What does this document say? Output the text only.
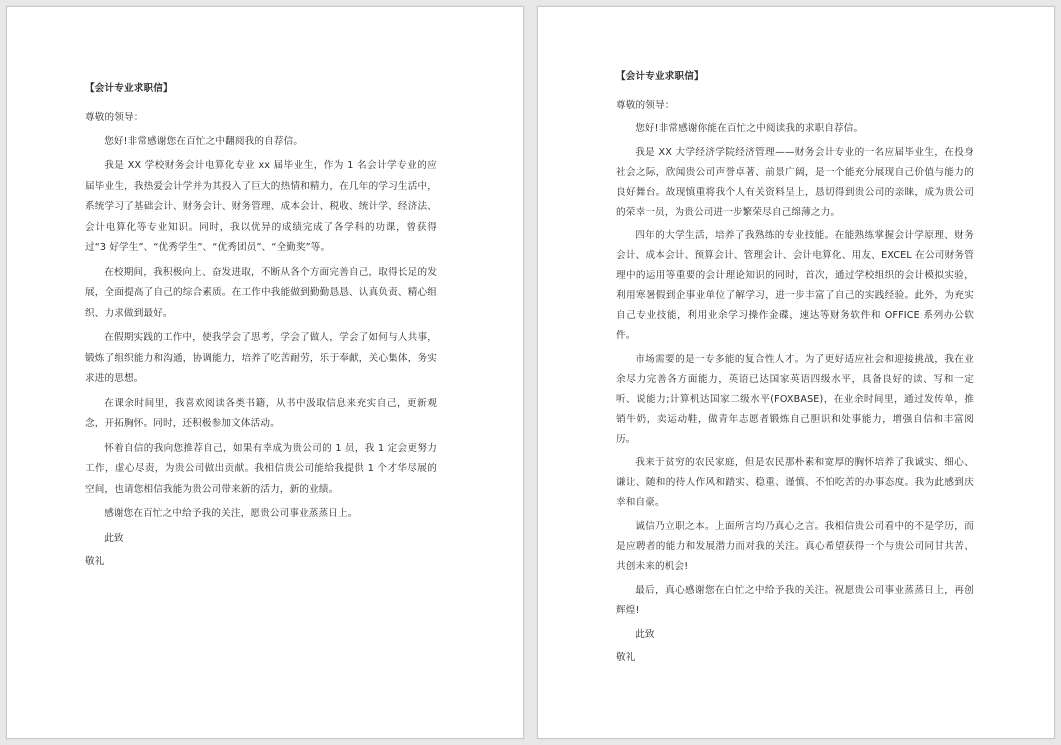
【会计专业求职信】
尊敬的领导：
您好!非常感谢您在百忙之中翻阅我的自荐信。
我是 XX 学校财务会计电算化专业 xx 届毕业生，作为 1 名会计学专业的应届毕业生，我热爱会计学并为其投入了巨大的热情和精力，在几年的学习生活中，系统学习了基础会计、财务会计、财务管理、成本会计、税收、统计学、经济法、会计电算化等专业知识。同时，我以优异的成绩完成了各学科的功课，曾获得过“3 好学生”、“优秀学生”、“优秀团员”、“全勤奖”等。
在校期间，我积极向上、奋发进取，不断从各个方面完善自己，取得长足的发展，全面提高了自己的综合素质。在工作中我能做到勤勤恳恳、认真负责、精心组织、力求做到最好。
在假期实践的工作中，使我学会了思考，学会了做人，学会了如何与人共事，锻炼了组织能力和沟通，协调能力，培养了吃苦耐劳，乐于奉献，关心集体，务实求进的思想。
在课余时间里，我喜欢阅读各类书籍，从书中汲取信息来充实自己，更新观念，开拓胸怀。同时，还积极参加文体活动。
怀着自信的我向您推荐自己，如果有幸成为贵公司的 1 员，我 1 定会更努力工作，虚心尽责，为贵公司做出贡献。我相信贵公司能给我提供 1 个才华尽展的空间，也请您相信我能为贵公司带来新的活力，新的业绩。
感谢您在百忙之中给予我的关注，愿贵公司事业蒸蒸日上。
此致
敬礼
【会计专业求职信】
尊敬的领导：
您好!非常感谢你能在百忙之中阅读我的求职自荐信。
我是 XX 大学经济学院经济管理——财务会计专业的一名应届毕业生，在投身社会之际，欣闻贵公司声誉卓著、前景广阔，是一个能充分展现自己价值与能力的良好舞台。故现慎重将我个人有关资料呈上，恳切得到贵公司的亲睐，成为贵公司的荣幸一员，为贵公司进一步繁荣尽自己绵薄之力。
四年的大学生活，培养了我熟练的专业技能。在能熟练掌握会计学原理、财务会计、成本会计、预算会计、管理会计、会计电算化、用友、EXCEL 在公司财务管理中的运用等重要的会计理论知识的同时，首次，通过学校组织的会计模拟实验，利用寒暑假到企事业单位了解学习，进一步丰富了自己的实践经验。此外，为充实自己专业技能，利用业余学习操作金碟，速达等财务软件和 OFFICE 系列办公软件。
市场需要的是一专多能的复合性人才。为了更好适应社会和迎接挑战，我在业余尽力完善各方面能力，英语已达国家英语四级水平，具备良好的读、写和一定听、说能力;计算机达国家二级水平(FOXBASE)，在业余时间里，通过发传单，推销牛奶，卖运动鞋，做青年志愿者锻炼自己胆识和处事能力，增强自信和丰富阅历。
我来于贫穷的农民家庭，但是农民那朴素和宽厚的胸怀培养了我诚实、细心、谦让、随和的待人作风和踏实、稳重、谨慎、不怕吃苦的办事态度。我为此感到庆幸和自豪。
诚信乃立职之本。上面所言均乃真心之言。我相信贵公司看中的不是学历，而是应聘者的能力和发展潜力而对我的关注。真心希望获得一个与贵公司同甘共苦、共创未来的机会!
最后，真心感谢您在白忙之中给予我的关注。祝愿贵公司事业蒸蒸日上，再创辉煌!
此致
敬礼
